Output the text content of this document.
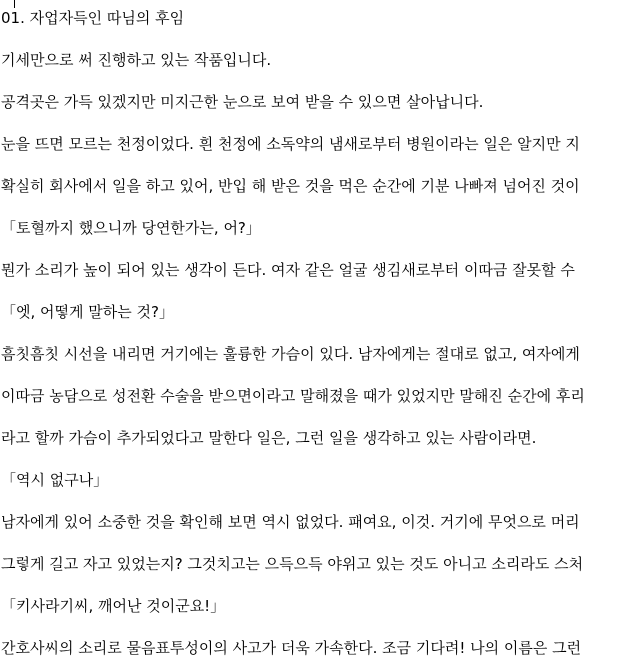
01. 자업자득인 따님의 후임

기세만으로 써 진행하고 있는 작품입니다.

공격곳은 가득 있겠지만 미지근한 눈으로 보여 받을 수 있으면 살아납니다.

눈을 뜨면 모르는 천정이었다. 흰 천정에 소독약의 냄새로부터 병원이라는 일은 알지만 지

확실히 회사에서 일을 하고 있어, 반입 해 받은 것을 먹은 순간에 기분 나빠져 넘어진 것이

「토혈까지 했으니까 당연한가는, 어?」

뭔가 소리가 높이 되어 있는 생각이 든다. 여자 같은 얼굴 생김새로부터 이따금 잘못할 수

「엣, 어떻게 말하는 것?」

흠칫흠칫 시선을 내리면 거기에는 훌륭한 가슴이 있다. 남자에게는 절대로 없고, 여자에게

이따금 농담으로 성전환 수술을 받으면이라고 말해졌을 때가 있었지만 말해진 순간에 후리

라고 할까 가슴이 추가되었다고 말한다 일은, 그런 일을 생각하고 있는 사람이라면.

「역시 없구나」

남자에게 있어 소중한 것을 확인해 보면 역시 없었다. 패여요, 이것. 거기에 무엇으로 머리

그렇게 길고 자고 있었는지? 그것치고는 으득으득 야위고 있는 것도 아니고 소리라도 스처

「키사라기씨, 깨어난 것이군요!」

간호사씨의 소리로 물음표투성이의 사고가 더욱 가속한다. 조금 기다려! 나의 이름은 그런
